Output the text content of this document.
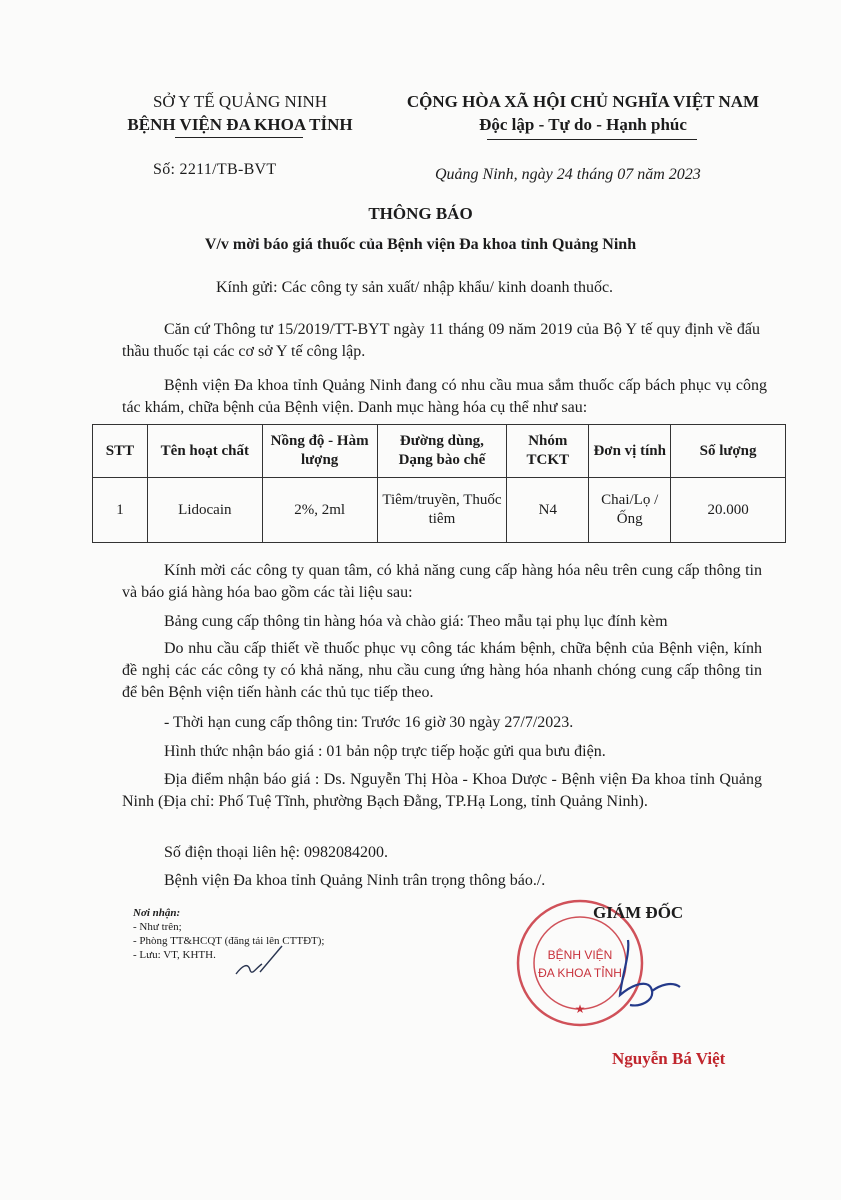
SỞ Y TẾ QUẢNG NINH
BỆNH VIỆN ĐA KHOA TỈNH
CỘNG HÒA XÃ HỘI CHỦ NGHĨA VIỆT NAM
Độc lập - Tự do - Hạnh phúc
Số: 2211/TB-BVT	Quảng Ninh, ngày 24 tháng 07 năm 2023
THÔNG BÁO
V/v mời báo giá thuốc của Bệnh viện Đa khoa tỉnh Quảng Ninh
Kính gửi: Các công ty sản xuất/ nhập khẩu/ kinh doanh thuốc.
Căn cứ Thông tư 15/2019/TT-BYT ngày 11 tháng 09 năm 2019 của Bộ Y tế quy định về đấu thầu thuốc tại các cơ sở Y tế công lập.
Bệnh viện Đa khoa tỉnh Quảng Ninh đang có nhu cầu mua sắm thuốc cấp bách phục vụ công tác khám, chữa bệnh của Bệnh viện. Danh mục hàng hóa cụ thể như sau:
STT	Tên hoạt chất	Nồng độ - Hàm lượng	Đường dùng, Dạng bào chế	Nhóm TCKT	Đơn vị tính	Số lượng
1	Lidocain	2%, 2ml	Tiêm/truyền, Thuốc tiêm	N4	Chai/Lọ /Ống	20.000
Kính mời các công ty quan tâm, có khả năng cung cấp hàng hóa nêu trên cung cấp thông tin và báo giá hàng hóa bao gồm các tài liệu sau:
Bảng cung cấp thông tin hàng hóa và chào giá: Theo mẫu tại phụ lục đính kèm
Do nhu cầu cấp thiết về thuốc phục vụ công tác khám bệnh, chữa bệnh của Bệnh viện, kính đề nghị các các công ty có khả năng, nhu cầu cung ứng hàng hóa nhanh chóng cung cấp thông tin để bên Bệnh viện tiến hành các thủ tục tiếp theo.
- Thời hạn cung cấp thông tin: Trước 16 giờ 30 ngày 27/7/2023.
Hình thức nhận báo giá : 01 bản nộp trực tiếp hoặc gửi qua bưu điện.
Địa điểm nhận báo giá : Ds. Nguyễn Thị Hòa - Khoa Dược - Bệnh viện Đa khoa tỉnh Quảng Ninh (Địa chỉ: Phố Tuệ Tĩnh, phường Bạch Đằng, TP.Hạ Long, tỉnh Quảng Ninh).
Số điện thoại liên hệ: 0982084200.
Bệnh viện Đa khoa tỉnh Quảng Ninh trân trọng thông báo./.
Nơi nhận:
- Như trên;
- Phòng TT&HCQT (đăng tải lên CTTĐT);
- Lưu: VT, KHTH.	BỆNH VIỆN
ĐA KHOA TỈNH
★
GIÁM ĐỐC
Nguyễn Bá Việt
